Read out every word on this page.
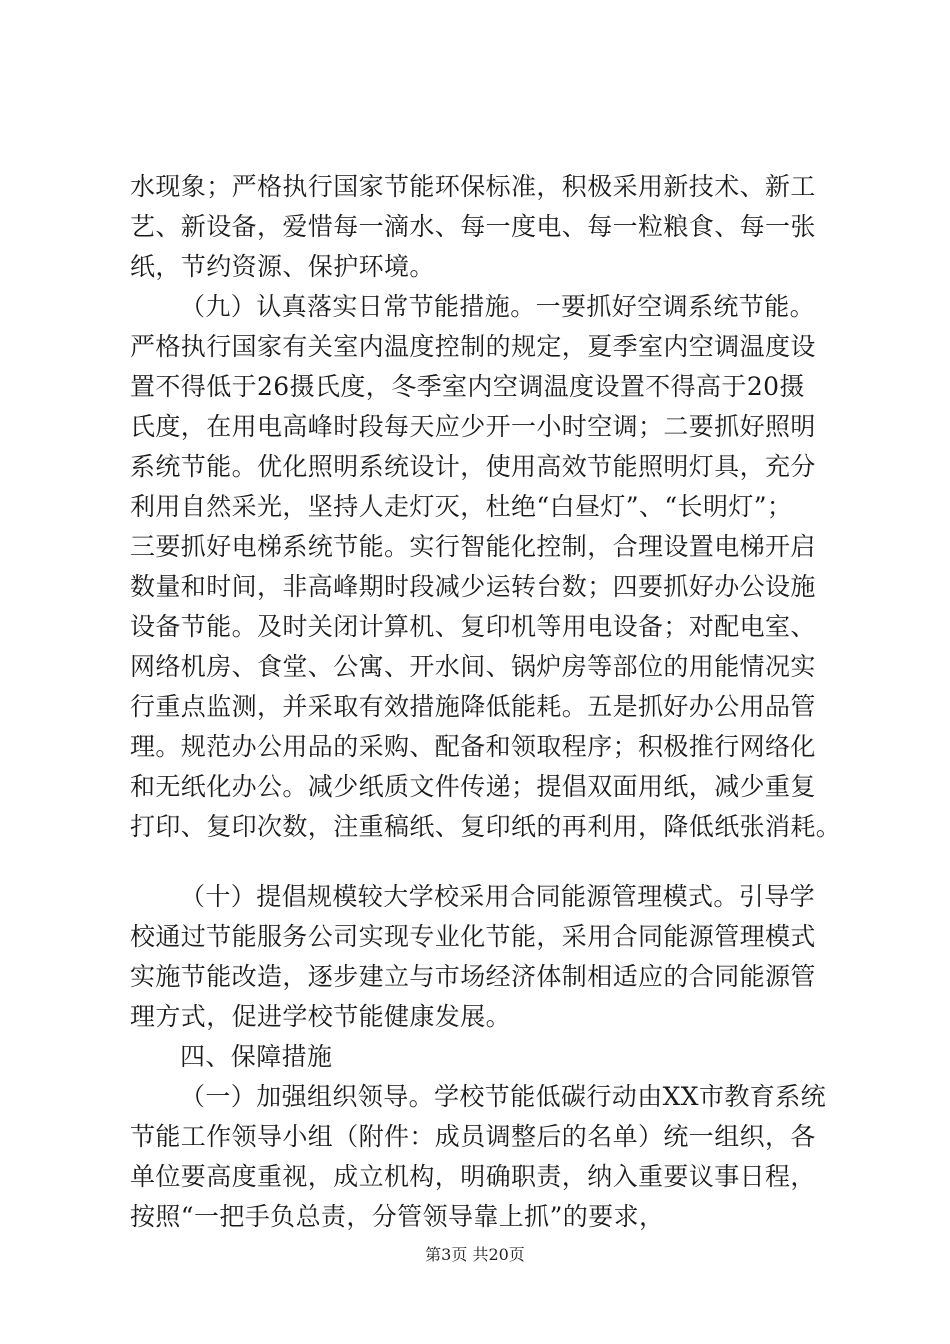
水现象；严格执行国家节能环保标准，积极采用新技术、新工
艺、新设备，爱惜每一滴水、每一度电、每一粒粮食、每一张
纸，节约资源、保护环境。
（九）认真落实日常节能措施。一要抓好空调系统节能。
严格执行国家有关室内温度控制的规定，夏季室内空调温度设
置不得低于26摄氏度，冬季室内空调温度设置不得高于20摄
氏度，在用电高峰时段每天应少开一小时空调；二要抓好照明
系统节能。优化照明系统设计，使用高效节能照明灯具，充分
利用自然采光，坚持人走灯灭，杜绝“白昼灯”、“长明灯”；
三要抓好电梯系统节能。实行智能化控制，合理设置电梯开启
数量和时间，非高峰期时段减少运转台数；四要抓好办公设施
设备节能。及时关闭计算机、复印机等用电设备；对配电室、
网络机房、食堂、公寓、开水间、锅炉房等部位的用能情况实
行重点监测，并采取有效措施降低能耗。五是抓好办公用品管
理。规范办公用品的采购、配备和领取程序；积极推行网络化
和无纸化办公。减少纸质文件传递；提倡双面用纸，减少重复
打印、复印次数，注重稿纸、复印纸的再利用，降低纸张消耗。
（十）提倡规模较大学校采用合同能源管理模式。引导学
校通过节能服务公司实现专业化节能，采用合同能源管理模式
实施节能改造，逐步建立与市场经济体制相适应的合同能源管
理方式，促进学校节能健康发展。
四、保障措施
（一）加强组织领导。学校节能低碳行动由XX市教育系统
节能工作领导小组（附件：成员调整后的名单）统一组织，各
单位要高度重视，成立机构，明确职责，纳入重要议事日程，
按照“一把手负总责，分管领导靠上抓”的要求，
第3页 共20页
